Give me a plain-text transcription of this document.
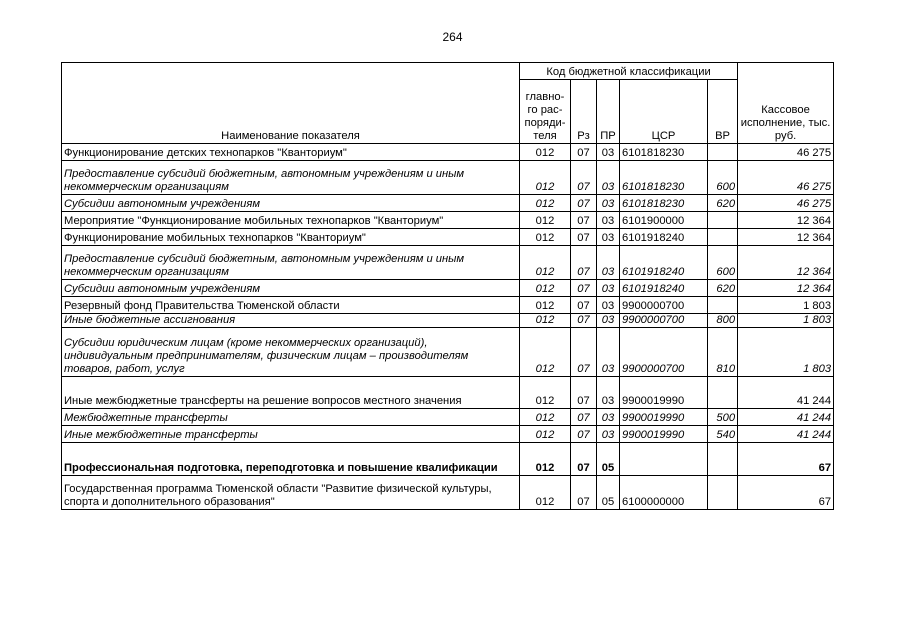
264
Наименование показателя	Код бюджетной классификации					Кассовое исполнение, тыс. руб.
	главно-го рас-поряди-теля	Рз	ПР	ЦСР	ВР	
Функционирование детских технопарков "Кванториум"	012	07	03	6101818230		46 275
Предоставление субсидий бюджетным, автономным учреждениям и иным некоммерческим организациям	012	07	03	6101818230	600	46 275
Субсидии автономным учреждениям	012	07	03	6101818230	620	46 275
Мероприятие "Функционирование мобильных технопарков "Кванториум"	012	07	03	6101900000		12 364
Функционирование мобильных технопарков "Кванториум"	012	07	03	6101918240		12 364
Предоставление субсидий бюджетным, автономным учреждениям и иным некоммерческим организациям	012	07	03	6101918240	600	12 364
Субсидии автономным учреждениям	012	07	03	6101918240	620	12 364
Резервный фонд Правительства Тюменской области	012	07	03	9900000700		1 803
Иные бюджетные ассигнования	012	07	03	9900000700	800	1 803
Субсидии юридическим лицам (кроме некоммерческих организаций), индивидуальным предпринимателям, физическим лицам – производителям товаров, работ, услуг	012	07	03	9900000700	810	1 803
Иные межбюджетные трансферты на решение вопросов местного значения	012	07	03	9900019990		41 244
Межбюджетные трансферты	012	07	03	9900019990	500	41 244
Иные межбюджетные трансферты	012	07	03	9900019990	540	41 244
Профессиональная подготовка, переподготовка и повышение квалификации	012	07	05			67
Государственная программа Тюменской области "Развитие физической культуры, спорта и дополнительного образования"	012	07	05	6100000000		67
